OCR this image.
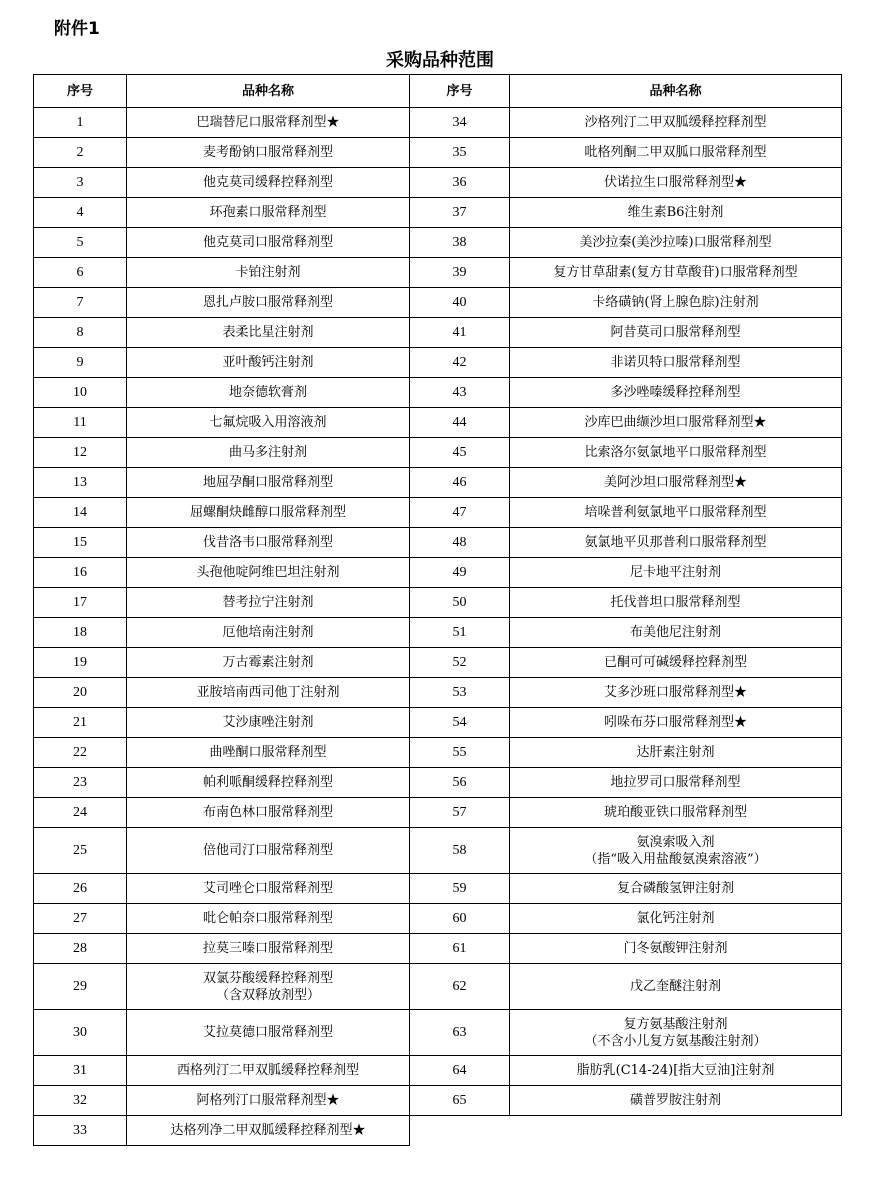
附件1
采购品种范围
序号	品种名称	序号	品种名称
1	巴瑞替尼口服常释剂型★	34	沙格列汀二甲双胍缓释控释剂型

2	麦考酚钠口服常释剂型	35	吡格列酮二甲双胍口服常释剂型

3	他克莫司缓释控释剂型	36	伏诺拉生口服常释剂型★

4	环孢素口服常释剂型	37	维生素B6注射剂

5	他克莫司口服常释剂型	38	美沙拉秦(美沙拉嗪)口服常释剂型

6	卡铂注射剂	39	复方甘草甜素(复方甘草酸苷)口服常释剂型

7	恩扎卢胺口服常释剂型	40	卡络磺钠(肾上腺色腙)注射剂

8	表柔比星注射剂	41	阿昔莫司口服常释剂型

9	亚叶酸钙注射剂	42	非诺贝特口服常释剂型

10	地奈德软膏剂	43	多沙唑嗪缓释控释剂型

11	七氟烷吸入用溶液剂	44	沙库巴曲缬沙坦口服常释剂型★

12	曲马多注射剂	45	比索洛尔氨氯地平口服常释剂型

13	地屈孕酮口服常释剂型	46	美阿沙坦口服常释剂型★

14	屈螺酮炔雌醇口服常释剂型	47	培哚普利氨氯地平口服常释剂型

15	伐昔洛韦口服常释剂型	48	氨氯地平贝那普利口服常释剂型

16	头孢他啶阿维巴坦注射剂	49	尼卡地平注射剂

17	替考拉宁注射剂	50	托伐普坦口服常释剂型

18	厄他培南注射剂	51	布美他尼注射剂

19	万古霉素注射剂	52	已酮可可碱缓释控释剂型

20	亚胺培南西司他丁注射剂	53	艾多沙班口服常释剂型★

21	艾沙康唑注射剂	54	吲哚布芬口服常释剂型★

22	曲唑酮口服常释剂型	55	达肝素注射剂

23	帕利哌酮缓释控释剂型	56	地拉罗司口服常释剂型

24	布南色林口服常释剂型	57	琥珀酸亚铁口服常释剂型

25	倍他司汀口服常释剂型	58	氨溴索吸入剂
（指“吸入用盐酸氨溴索溶液”）

26	艾司唑仑口服常释剂型	59	复合磷酸氢钾注射剂

27	吡仑帕奈口服常释剂型	60	氯化钙注射剂

28	拉莫三嗪口服常释剂型	61	门冬氨酸钾注射剂

29	双氯芬酸缓释控释剂型
（含双释放剂型）	62	戊乙奎醚注射剂

30	艾拉莫德口服常释剂型	63	复方氨基酸注射剂
（不含小儿复方氨基酸注射剂）

31	西格列汀二甲双胍缓释控释剂型	64	脂肪乳(C14-24)[指大豆油]注射剂

32	阿格列汀口服常释剂型★	65	磺普罗胺注射剂

33	达格列净二甲双胍缓释控释剂型★		
